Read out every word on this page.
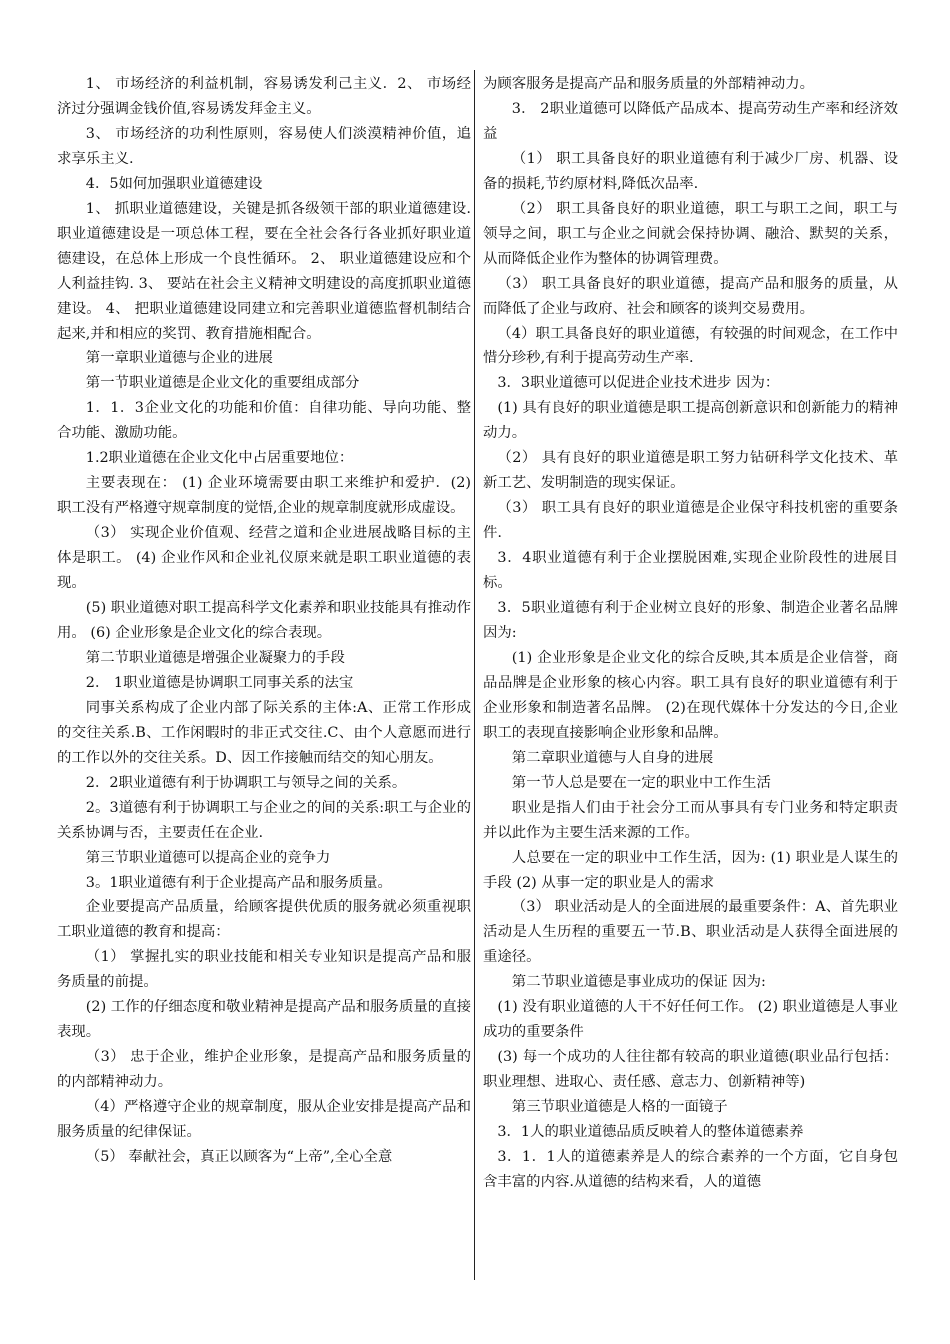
1、 市场经济的利益机制，容易诱发利己主义．2、 市场经济过分强调金钱价值,容易诱发拜金主义。

3、 市场经济的功利性原则，容易使人们淡漠精神价值，追求享乐主义.

4．5如何加强职业道德建设

1、 抓职业道德建设，关键是抓各级领干部的职业道德建设.职业道德建设是一项总体工程，要在全社会各行各业抓好职业道德建设，在总体上形成一个良性循环。 2、 职业道德建设应和个人利益挂钩. 3、 要站在社会主义精神文明建设的高度抓职业道德建设。 4、 把职业道德建设同建立和完善职业道德监督机制结合起来,并和相应的奖罚、教育措施相配合。

第一章职业道德与企业的进展

第一节职业道德是企业文化的重要组成部分

1．1．3企业文化的功能和价值：自律功能、导向功能、整合功能、激励功能。

1.2职业道德在企业文化中占居重要地位：

主要表现在： (1) 企业环境需要由职工来维护和爱护．(2) 职工没有严格遵守规章制度的觉悟,企业的规章制度就形成虚设。

（3） 实现企业价值观、经营之道和企业进展战略目标的主体是职工。 (4) 企业作风和企业礼仪原来就是职工职业道德的表现。

(5) 职业道德对职工提高科学文化素养和职业技能具有推动作用。 (6) 企业形象是企业文化的综合表现。

第二节职业道德是增强企业凝聚力的手段

2． 1职业道德是协调职工同事关系的法宝

同事关系构成了企业内部了际关系的主体:A、正常工作形成的交往关系.B、工作闲暇时的非正式交往.C、由个人意愿而进行的工作以外的交往关系。D、因工作接触而结交的知心朋友。

2．2职业道德有利于协调职工与领导之间的关系。

2。3道德有利于协调职工与企业之的间的关系:职工与企业的关系协调与否，主要责任在企业.

第三节职业道德可以提高企业的竞争力

3。1职业道德有利于企业提高产品和服务质量。

企业要提高产品质量，给顾客提供优质的服务就必须重视职工职业道德的教育和提高：

（1） 掌握扎实的职业技能和相关专业知识是提高产品和服务质量的前提。

(2) 工作的仔细态度和敬业精神是提高产品和服务质量的直接表现。

（3） 忠于企业，维护企业形象，是提高产品和服务质量的的内部精神动力。

（4）严格遵守企业的规章制度，服从企业安排是提高产品和服务质量的纪律保证。

（5） 奉献社会，真正以顾客为“上帝”,全心全意

为顾客服务是提高产品和服务质量的外部精神动力。

3． 2职业道德可以降低产品成本、提高劳动生产率和经济效益

（1） 职工具备良好的职业道德有利于减少厂房、机器、设备的损耗,节约原材料,降低次品率.

（2） 职工具备良好的职业道德，职工与职工之间，职工与领导之间，职工与企业之间就会保持协调、融洽、默契的关系，从而降低企业作为整体的协调管理费。

（3） 职工具备良好的职业道德，提高产品和服务的质量，从而降低了企业与政府、社会和顾客的谈判交易费用。

（4）职工具备良好的职业道德，有较强的时间观念，在工作中惜分珍秒,有利于提高劳动生产率.

3．3职业道德可以促进企业技术进步 因为：

(1) 具有良好的职业道德是职工提高创新意识和创新能力的精神动力。

（2） 具有良好的职业道德是职工努力钻研科学文化技术、革新工艺、发明制造的现实保证。

（3） 职工具有良好的职业道德是企业保守科技机密的重要条件.

3．4职业道德有利于企业摆脱困难,实现企业阶段性的进展目标。

3．5职业道德有利于企业树立良好的形象、制造企业著名品牌 因为:

(1) 企业形象是企业文化的综合反映,其本质是企业信誉，商品品牌是企业形象的核心内容。职工具有良好的职业道德有利于企业形象和制造著名品牌。 (2)在现代媒体十分发达的今日,企业职工的表现直接影响企业形象和品牌。

第二章职业道德与人自身的进展

第一节人总是要在一定的职业中工作生活

职业是指人们由于社会分工而从事具有专门业务和特定职责并以此作为主要生活来源的工作。

人总要在一定的职业中工作生活，因为: (1) 职业是人谋生的手段 (2) 从事一定的职业是人的需求

（3） 职业活动是人的全面进展的最重要条件：A、首先职业活动是人生历程的重要五一节.B、职业活动是人获得全面进展的重途径。

第二节职业道德是事业成功的保证 因为:

(1) 没有职业道德的人干不好任何工作。 (2) 职业道德是人事业成功的重要条件

(3) 每一个成功的人往往都有较高的职业道德(职业品行包括：职业理想、进取心、责任感、意志力、创新精神等)

第三节职业道德是人格的一面镜子

3．1人的职业道德品质反映着人的整体道德素养

3．1．1人的道德素养是人的综合素养的一个方面，它自身包含丰富的内容.从道德的结构来看，人的道德
